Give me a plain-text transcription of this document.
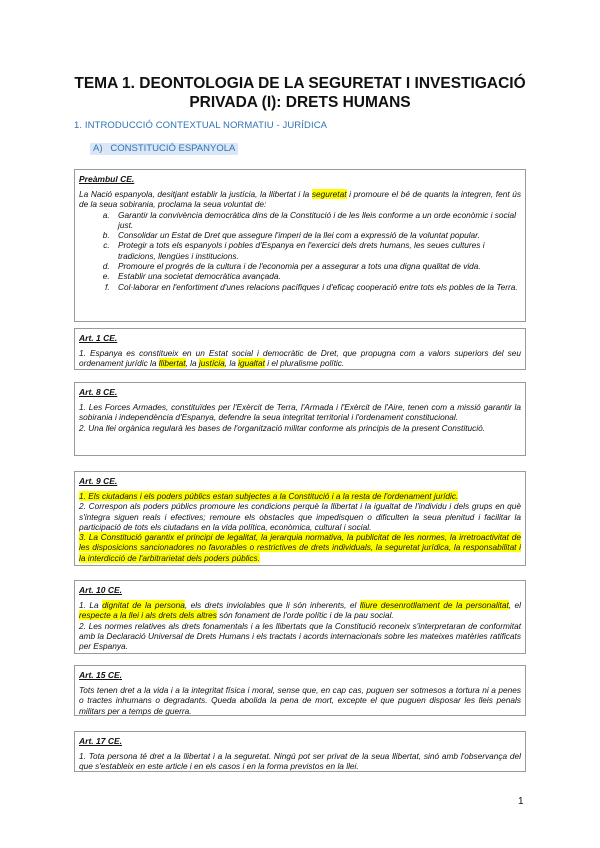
TEMA 1. DEONTOLOGIA DE LA SEGURETAT I INVESTIGACIÓ
PRIVADA (I): DRETS HUMANS
1. INTRODUCCIÓ CONTEXTUAL NORMATIU - JURÍDICA
A)   CONSTITUCIÓ ESPANYOLA
Preàmbul CE.

La Nació espanyola, desitjant establir la justícia, la llibertat i la seguretat i promoure el bé de quants la integren, fent ús de la seua sobirania, proclama la seua voluntat de:

a. Garantir la convivència democràtica dins de la Constitució i de les lleis conforme a un orde econòmic i social just.
b. Consolidar un Estat de Dret que assegure l'imperi de la llei com a expressió de la voluntat popular.
c. Protegir a tots els espanyols i pobles d'Espanya en l'exercici dels drets humans, les seues cultures i tradicions, llengües i institucions.
d. Promoure el progrés de la cultura i de l'economia per a assegurar a tots una digna qualitat de vida.
e. Establir una societat democràtica avançada.
f. Col·laborar en l'enfortiment d'unes relacions pacífiques i d'eficaç cooperació entre tots els pobles de la Terra.
Art. 1 CE.

1. Espanya es constitueix en un Estat social i democràtic de Dret, que propugna com a valors superiors del seu ordenament jurídic la llibertat, la justícia, la igualtat i el pluralisme polític.

Art. 8 CE.

1. Les Forces Armades, constituïdes per l'Exèrcit de Terra, l'Armada i l'Exèrcit de l'Aire, tenen com a missió garantir la sobirania i independència d'Espanya, defendre la seua integritat territorial i l'ordenament constitucional.

2. Una llei orgànica regularà les bases de l'organització militar conforme als principis de la present Constitució.

Art. 9 CE.

1. Els ciutadans i els poders públics estan subjectes a la Constitució i a la resta de l'ordenament jurídic.

2. Correspon als poders públics promoure les condicions perquè la llibertat i la igualtat de l'individu i dels grups en què s'integra siguen reals i efectives; remoure els obstacles que impedisquen o dificulten la seua plenitud i facilitar la participació de tots els ciutadans en la vida política, econòmica, cultural i social.

3. La Constitució garantix el principi de legalitat, la jerarquia normativa, la publicitat de les normes, la irretroactivitat de les disposicions sancionadores no favorables o restrictives de drets individuals, la seguretat jurídica, la responsabilitat i la interdicció de l'arbitrarietat dels poders públics.

Art. 10 CE.

1. La dignitat de la persona, els drets inviolables que li són inherents, el lliure desenrotllament de la personalitat, el respecte a la llei i als drets dels altres són fonament de l'orde polític i de la pau social.

2. Les normes relatives als drets fonamentals i a les llibertats que la Constitució reconeix s'interpretaran de conformitat amb la Declaració Universal de Drets Humans i els tractats i acords internacionals sobre les mateixes matèries ratificats per Espanya.

Art. 15 CE.

Tots tenen dret a la vida i a la integritat física i moral, sense que, en cap cas, puguen ser sotmesos a tortura ni a penes o tractes inhumans o degradants. Queda abolida la pena de mort, excepte el que puguen disposar les lleis penals militars per a temps de guerra.

Art. 17 CE.

1. Tota persona té dret a la llibertat i a la seguretat. Ningú pot ser privat de la seua llibertat, sinó amb l'observança del que s'estableix en este article i en els casos i en la forma previstos en la llei.

1
